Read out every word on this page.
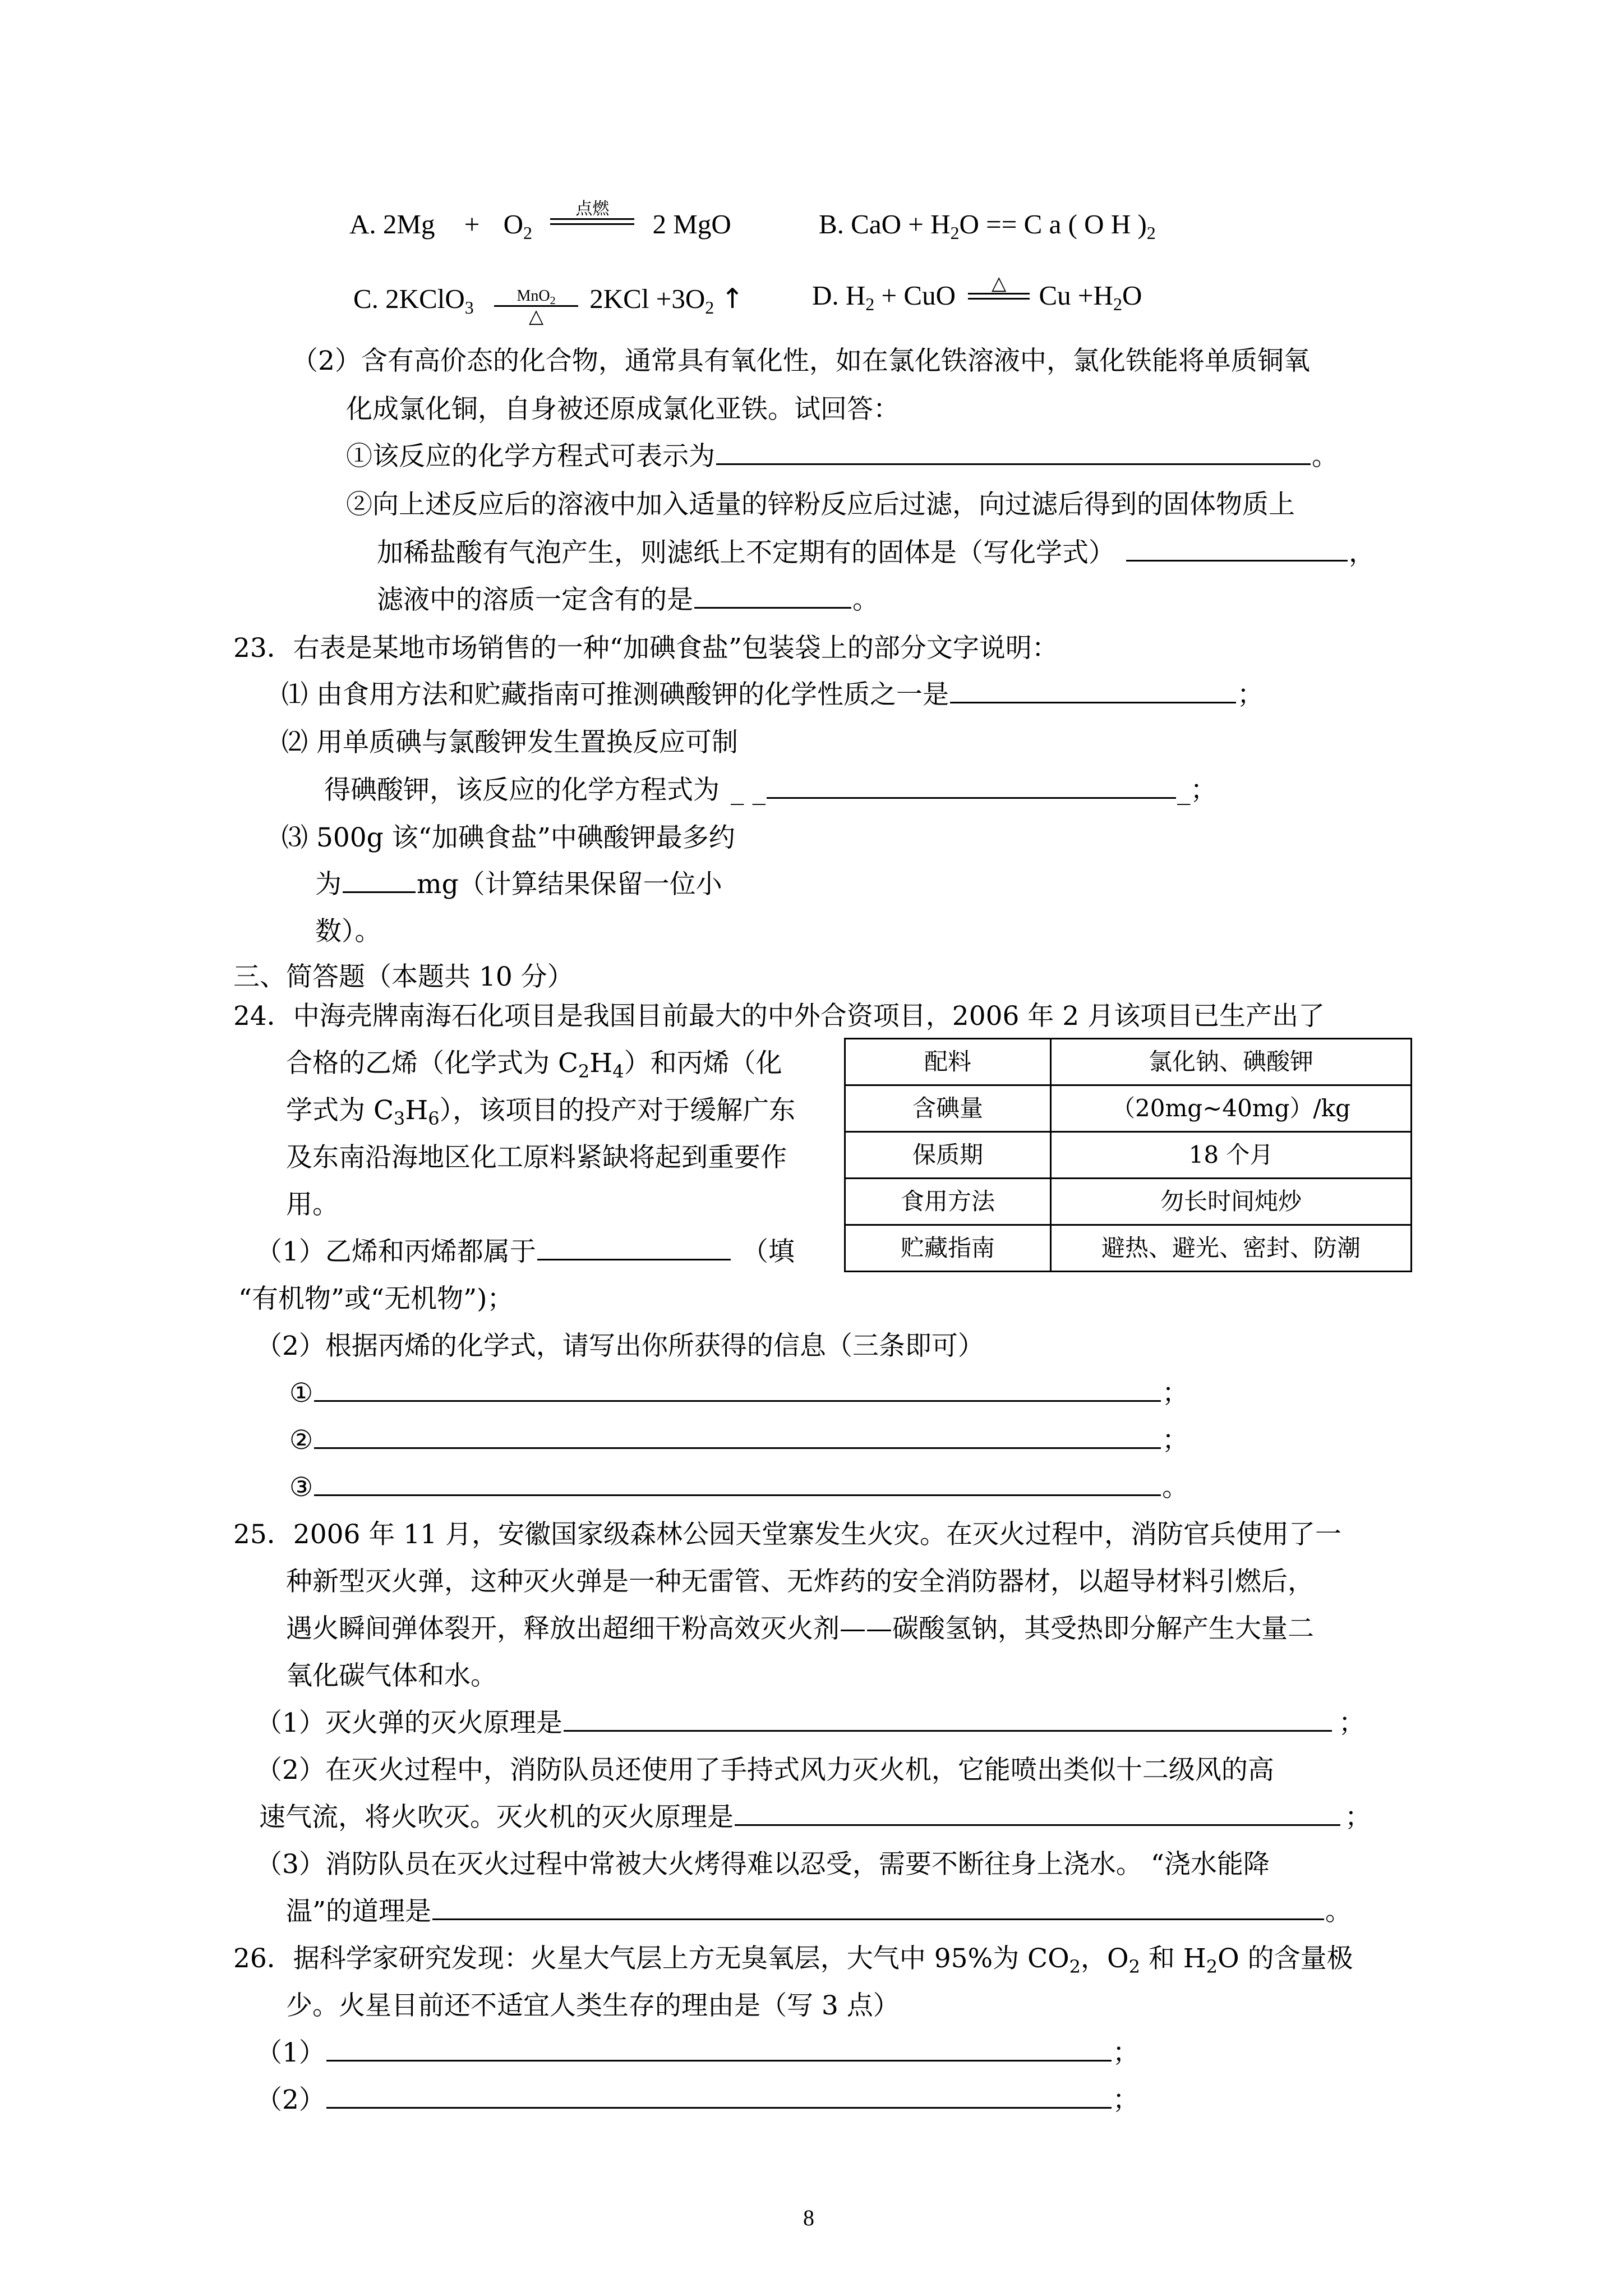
A. $2Mg + O_2$
点燃	2 MgO	B. CaO + $H_2O == C$ a ( O H )$_2$
C. 2KClO$_3$
MnO$_2$
△
$2KCl +3O_2$ ↑ D. $H_2$ + CuO	△	$Cu +H_2O$
（2）含有高价态的化合物，通常具有氧化性，如在氯化铁溶液中，氯化铁能将单质铜氧
化成氯化铜，自身被还原成氯化亚铁。试回答：
①该反应的化学方程式可表示为	。
②向上述反应后的溶液中加入适量的锌粉反应后过滤，向过滤后得到的固体物质上
加稀盐酸有气泡产生，则滤纸上不定期有的固体是（写化学式）	，
滤液中的溶质一定含有的是	。
23．右表是某地市场销售的一种“加碘食盐”包装袋上的部分文字说明：
⑴ 由食用方法和贮藏指南可推测碘酸钾的化学性质之一是	；
⑵ 用单质碘与氯酸钾发生置换反应可制
得碘酸钾，该反应的化学方程式为 _ _	_；
⑶ 500g 该“加碘食盐”中碘酸钾最多约
为	mg（计算结果保留一位小
数）。
三、简答题（本题共 10 分）
24．中海壳牌南海石化项目是我国目前最大的中外合资项目，2006 年 2 月该项目已生产出了
合格的乙烯（化学式为 $C_2H_4$）和丙烯（化
学式为 $C_3H_6$），该项目的投产对于缓解广东
及东南沿海地区化工原料紧缺将起到重要作
用。
（1）乙烯和丙烯都属于	（填
“有机物”或“无机物”)；
（2）根据丙烯的化学式，请写出你所获得的信息（三条即可）
①	；
②	；
③	。
配料	氯化钠、碘酸钾
含碘量	（20mg~40mg）/kg
保质期	18 个月
食用方法	勿长时间炖炒
贮藏指南	避热、避光、密封、防潮
25．2006 年 11 月，安徽国家级森林公园天堂寨发生火灾。在灭火过程中，消防官兵使用了一
种新型灭火弹，这种灭火弹是一种无雷管、无炸药的安全消防器材，以超导材料引燃后，
遇火瞬间弹体裂开，释放出超细干粉高效灭火剂——碳酸氢钠，其受热即分解产生大量二
氧化碳气体和水。
（1）灭火弹的灭火原理是	；
（2）在灭火过程中，消防队员还使用了手持式风力灭火机，它能喷出类似十二级风的高
速气流，将火吹灭。灭火机的灭火原理是	；
（3）消防队员在灭火过程中常被大火烤得难以忍受，需要不断往身上浇水。 “浇水能降
温”的道理是	。
26．据科学家研究发现：火星大气层上方无臭氧层，大气中 95%为 $CO_2$，$O_2$ 和 $H_2O$ 的含量极
少。火星目前还不适宜人类生存的理由是（写 3 点）
（1）	；
（2）	；
8
